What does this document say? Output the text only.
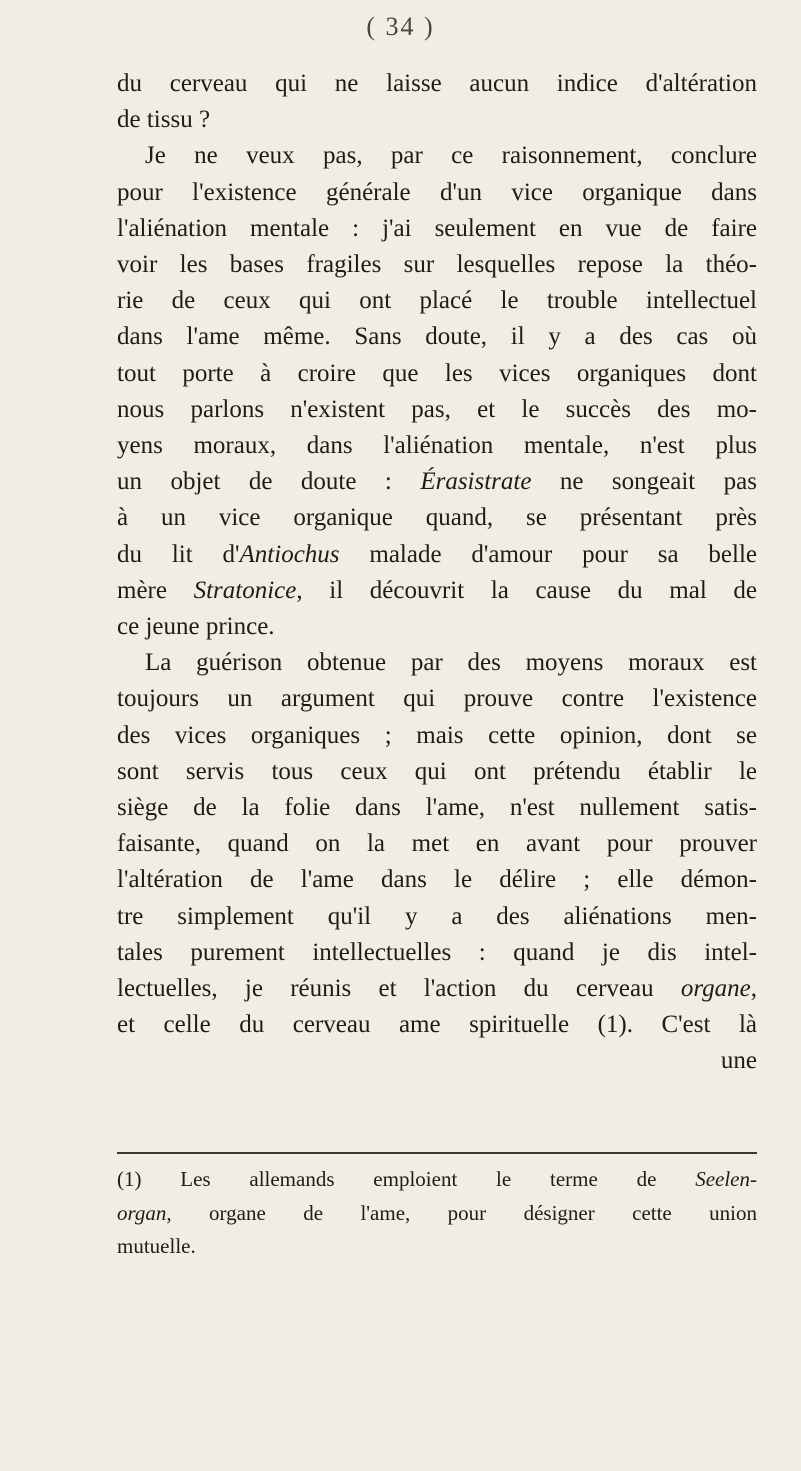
( 34 )
du cerveau qui ne laisse aucun indice d'altération
de tissu ?
Je ne veux pas, par ce raisonnement, conclure
pour l'existence générale d'un vice organique dans
l'aliénation mentale : j'ai seulement en vue de faire
voir les bases fragiles sur lesquelles repose la théo-
rie de ceux qui ont placé le trouble intellectuel
dans l'ame même. Sans doute, il y a des cas où
tout porte à croire que les vices organiques dont
nous parlons n'existent pas, et le succès des mo-
yens moraux, dans l'aliénation mentale, n'est plus
un objet de doute : Érasistrate ne songeait pas
à un vice organique quand, se présentant près
du lit d'Antiochus malade d'amour pour sa belle
mère Stratonice, il découvrit la cause du mal de
ce jeune prince.
La guérison obtenue par des moyens moraux est
toujours un argument qui prouve contre l'existence
des vices organiques ; mais cette opinion, dont se
sont servis tous ceux qui ont prétendu établir le
siège de la folie dans l'ame, n'est nullement satis-
faisante, quand on la met en avant pour prouver
l'altération de l'ame dans le délire ; elle démon-
tre simplement qu'il y a des aliénations men-
tales purement intellectuelles : quand je dis intel-
lectuelles, je réunis et l'action du cerveau organe,
et celle du cerveau ame spirituelle (1). C'est là
une
(1) Les allemands emploient le terme de Seelen-
organ, organe de l'ame, pour désigner cette union
mutuelle.
